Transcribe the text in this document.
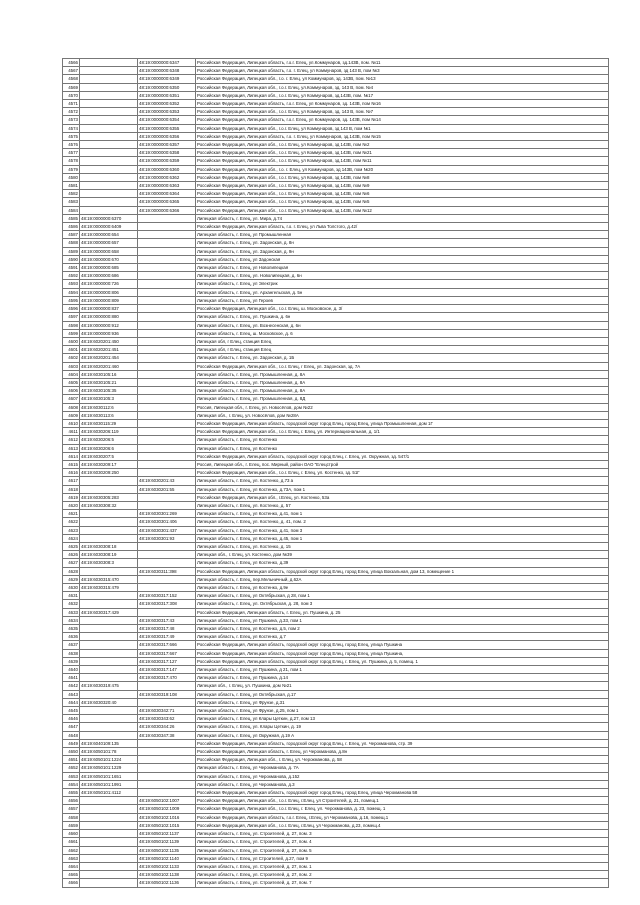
4566		48:19:0000000:6347	Российская Федерация, Липецкая область, г.о.г. Елец, ул.Коммунаров, зд.143В, пом. №11
4567		48:19:0000000:6348	Российская Федерация, Липецкая область, г.о. г. Елец, ул Коммунаров, зд 143 В, пом №3
4568		48:19:0000000:6349	Российская Федерация, Липецкая обл., г.о. г. Елец, ул Коммунаров, зд. 143В, пом. №13
4569		48:19:0000000:6350	Российская Федерация, Липецкая обл., г.о.г. Елец, ул.Коммунаров, зд. 143 В, пом. №4
4570		48:19:0000000:6351	Российская Федерация, Липецкая обл., г.о.г. Елец, ул Коммунаров, зд.143В, пом. №17
4571		48:19:0000000:6352	Российская Федерация, Липецкая область, г.о.г. Елец, ул Коммунаров, зд. 143В, пом №16
4572		48:19:0000000:6353	Российская Федерация, Липецкая обл., г.о.г. Елец, ул Коммунаров, зд. 143 В, пом. №7
4573		48:19:0000000:6354	Российская Федерация, Липецкая область, г.о.г. Елец, ул Коммунаров, зд. 143В, пом №14
4574		48:19:0000000:6355	Российская Федерация, Липецкая обл., г.о.г. Елец, ул Коммунаров, зд 143 В, пом №1
4575		48:19:0000000:6356	Российская Федерация, Липецкая область, г.о. г. Елец, ул Коммунаров, зд.143В, пом №15
4576		48:19:0000000:6357	Российская Федерация, Липецкая обл., г.о.г. Елец, ул Коммунаров, зд 143В, пом №2
4577		48:19:0000000:6358	Российская Федерация, Липецкая обл., г.о.г. Елец, ул Коммунаров, зд 143В, пом №21
4578		48:19:0000000:6359	Российская Федерация, Липецкая обл., г.о.г. Елец, ул Коммунаров, зд.143В, пом №11
4579		48:19:0000000:6360	Российская Федерация, Липецкая обл., г.о. г. Елец, ул Коммунаров, зд 143В, пом №20
4580		48:19:0000000:6362	Российская Федерация, Липецкая обл., г.о.г. Елец, ул Коммунаров, зд 143В, пом №8
4581		48:19:0000000:6363	Российская Федерация, Липецкая обл., г.о.г. Елец, ул Коммунаров, зд 143В, пом №9
4582		48:19:0000000:6364	Российская Федерация, Липецкая обл., г.о.г. Елец, ул Коммунаров, зд 143В, пом №6
4583		48:19:0000000:6365	Российская Федерация, Липецкая обл., г.о.г. Елец, ул Коммунаров, зд 143В, пом №5
4584		48:19:0000000:6366	Российская Федерация, Липецкая обл., г.о.г. Елец, ул Коммунаров, зд 143В, пом №12
4585	48:19:0000000:6370		Липецкая область, г. Елец, ул. Мира, д.74
4586	48:19:0000000:6409		Российская Федерация, Липецкая область, г.о. г. Елец, ул Льва Толстого, д.42/
4587	48:19:0000000:654		Липецкая область, г. Елец, ул Промышленная
4588	48:19:0000000:657		Липецкая область, г. Елец, ул. Задонская, д. 8н
4589	48:19:0000000:658		Липецкая область, г. Елец, ул. Задонская, д. 9н
4590	48:19:0000000:670		Липецкая область, г. Елец, ул Задонская
4591	48:19:0000000:685		Липецкая область, г. Елец, ул Новолипецкая
4592	48:19:0000000:686		Липецкая область, г. Елец, ул. Новолипецкая, д. 6н
4593	48:19:0000000:726		Липецкая область, г. Елец, ул Электрик
4594	48:19:0000000:806		Липецкая область, г. Елец, ул. Архангельская, д. 5н
4595	48:19:0000000:809		Липецкая область, г. Елец, ул Героев
4596	48:19:0000000:837		Российская Федерация, Липецкая обл., г.о.г. Елец, ш. Московское, д. 3/
4597	48:19:0000000:880		Липецкая область, г. Елец, ул. Пушкина, д. 6н
4598	48:19:0000000:912		Липецкая область, г. Елец, ул. Вознесенская, д. 6н
4599	48:19:0000000:936		Липецкая область, г. Елец, ш. Московское, д. 6
4600	48:19:6020201:450		Липецкая обл, г Елец, станция Елец
4601	48:19:6020201:451		Липецкая обл, г Елец, станция Елец
4602	48:19:6020201:454		Липецкая область, г. Елец, ул. Задонская, д. 1Б
4603	48:19:6020201:460		Российская Федерация, Липецкая обл., г.о.г. Елец, г Елец, ул. Задонская, зд. 7А
4604	48:19:6030105:16		Липецкая область, г. Елец, ул. Промышленная, д. 8А
4605	48:19:6030105:21		Липецкая область, г. Елец, ул. Промышленная, д. 8А
4606	48:19:6030105:35		Липецкая область, г. Елец, ул. Промышленная, д. 8А
4607	48:19:6030105:3		Липецкая область, г. Елец, ул. Промышленная, д. 8Д
4608	48:19:6030112:6		Россия, Липецкая обл., г. Елец, ул. Новосёлов, дом №22
4609	48:19:6030113:6		Липецкая обл., г. Елец, ул. Новосёлов, дом №28А
4610	48:19:6030115:29		Российская Федерация, Липецкая область, городской округ город Елец, город Елец, улица Промышленная, дом 1Г
4611	48:19:6030206:119		Российская Федерация, Липецкая обл., г.о.г. Елец, г. Елец, ул. Интернациональная, д. 1/1
4612	48:19:6030206:5		Липецкая область, г. Елец, ул Костенко
4613	48:19:6030206:6		Липецкая область, г. Елец, ул Костенко
4614	48:19:6030207:5		Российская Федерация, Липецкая область, городской округ город Елец, г. Елец, ул. Окружная, зд. 547/1
4615	48:19:6030209:17		Россия, Липецкая обл., г. Елец, пос. Мирный, район ОАО "Елецстрой
4616	48:19:6030209:250		Российская Федерация, Липецкая обл., г.о.г. Елец, г. Елец, ул. Костенко, зд. 51Г
4617		48:19:6030201:43	Липецкая область, г. Елец, ул. Костенко, д.73 а
4618		48:19:6030201:55	Липецкая область, г. Елец, ул Костенко, д.73А, пом 1
4619	48:19:6030305:283		Российская Федерация, Липецкая обл., г.Елец, ул. Костенко, 53а
4620	48:19:6030308:32		Липецкая область, г. Елец, ул. Костенко, д. 57
4621		48:19:6030301:269	Липецкая область, г. Елец, ул Костенко, д.41, пом 1
4622		48:19:6030301:406	Липецкая область, г. Елец, ул. Костенко, д. 41, пом. 2
4623		48:19:6030301:437	Липецкая область, г. Елец, ул Костенко, д.41, пом 3
4624		48:19:6030301:93	Липецкая область, г. Елец, ул Костенко, д.45, пом 1
4625	48:19:6030308:18		Липецкая область, г. Елец, ул. Костенко, д. 15
4626	48:19:6030308:19		Липецкая обл., г. Елец, ул. Костенко, дом №39
4627	48:19:6030308:3		Липецкая область, г. Елец, ул Костенко, д.39
4628		48:19:6030311:398	Российская Федерация, Липецкая область, городской округ город Елец, город Елец, улица Вокзальная, дом 13, помещение 1
4629	48:19:6030315:470		Липецкая область, г. Елец, пер.Мельничный, д.62А
4630	48:19:6030315:479		Липецкая область, г. Елец, ул Костенко, д.9е
4631		48:19:6030317:152	Липецкая область, г. Елец, ул Октябрьская, д 28, пом 1
4632		48:19:6030317:308	Липецкая область, г. Елец, ул. Октябрьская, д. 28, пом 3
4633	48:19:6030317:429		Российская Федерация, Липецкая область, г. Елец, ул. Пушкина, д. 25
4634		48:19:6030317:43	Липецкая область, г. Елец, ул Пушкина, д.33, пом 1
4635		48:19:6030317:48	Липецкая область, г. Елец, ул Костенко, д.5, пом 2
4636		48:19:6030317:49	Липецкая область, г. Елец, ул Костенко, д.7
4637		48:19:6030317:666	Российская Федерация, Липецкая область, городской округ город Елец, город Елец, улица Пушкина
4638		48:19:6030317:667	Российская Федерация, Липецкая область, городской округ город Елец, город Елец, улица Пушкина,
4639		48:19:6030317:127	Российская Федерация, Липецкая область, городской округ город Елец, г. Елец, ул. Пушкина, д. 5, помещ. 1
4640		48:19:6030317:147	Липецкая область, г. Елец, ул Пушкина, д 21, пом 1
4641		48:19:6030317:470	Липецкая область, г. Елец, ул Пушкина, д.14
4642	48:19:6030319:475		Липецкая обл., г. Елец, ул. Пушкина, дом №21
4643		48:19:6030319:108	Липецкая область, г. Елец, ул Октябрьская, д.17
4644	48:19:6030320:40		Липецкая область, г. Елец, ул Фрунзе, д.31
4645		48:19:6030342:71	Липецкая область, г. Елец, ул Фрунзе, д.25, пом 1
4646		48:19:6030343:62	Липецкая область, г. Елец, ул Клары Цеткин, д.27, пом 13
4647		48:19:6030344:26	Липецкая область, г. Елец, ул. Клары Цеткин, д. 19
4648		48:19:6030347:38	Липецкая область, г. Елец, ул Окружная, д.19 А
4649	48:19:6040109:135		Российская Федерация, Липецкая область, городской округ город Елец, г. Елец, ул. Черокманова, стр. 39
4650	48:19:6050101:78		Российская Федерация, Липецкая область, г. Елец, ул Черокманова, д.8н
4651	48:19:6050101:1224		Российская Федерация, Липецкая обл., г. Елец, ул. Черокманова, д. 58
4652	48:19:6050101:1229		Липецкая область, г. Елец, ул Черокманова, д. 7А
4653	48:19:6050101:1651		Липецкая область, г. Елец, ул Черокманова, д.152
4654	48:19:6050101:1991		Липецкая область, г. Елец, ул Черокманова, д.3
4655	48:19:6050101:4112		Российская Федерация, Липецкая область, городской округ город Елец, город Елец, улица Черокманова 58
4656		48:19:6050102:1007	Российская Федерация, Липецкая обл., г.о.г. Елец, г.Елец, ул Строителей, д. 21, помещ.1
4657		48:19:6050102:1009	Российская Федерация, Липецкая обл., г.о.г. Елец, г. Елец, ул. Черокманова, д. 23, помещ. 1
4658		48:19:6050102:1016	Российская Федерация, Липецкая область, г.о.г. Елец, г.Елец, ул Черокманова, д.16, помещ.1
4659		48:19:6050102:1015	Российская Федерация, Липецкая обл., г.о.г. Елец, г.Елец, ул Черокманова, д.23, помещ.4
4660		48:19:6050102:1137	Липецкая область, г. Елец, ул. Строителей, д. 27, пом. 3
4661		48:19:6050102:1139	Липецкая область, г. Елец, ул. Строителей, д. 27, пом. 4
4662		48:19:6050102:1135	Липецкая область, г. Елец, ул. Строителей, д. 27, пом. 5
4663		48:19:6050102:1140	Липецкая область, г. Елец, ул Строителей, д.27, пом 9
4664		48:19:6050102:1133	Липецкая область, г. Елец, ул. Строителей, д. 27, пом. 1
4665		48:19:6050102:1138	Липецкая область, г. Елец, ул. Строителей, д. 27, пом. 2
4666		48:19:6050102:1136	Липецкая область, г. Елец, ул. Строителей, д. 27, пом. 7
